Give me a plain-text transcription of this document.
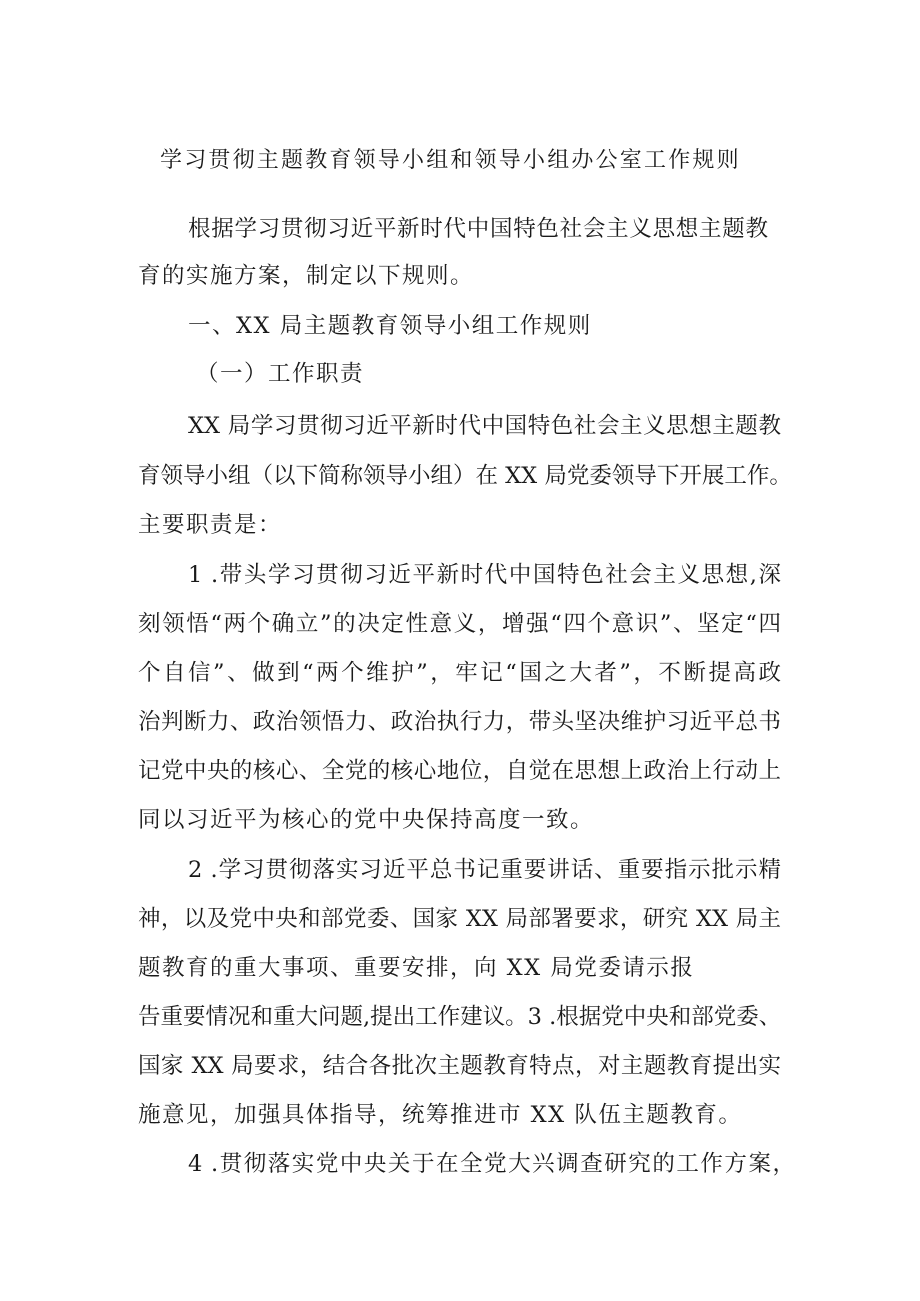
学习贯彻主题教育领导小组和领导小组办公室工作规则
根据学习贯彻习近平新时代中国特色社会主义思想主题教
育的实施方案，制定以下规则。
一、XX 局主题教育领导小组工作规则
（一）工作职责
XX 局学习贯彻习近平新时代中国特色社会主义思想主题教
育领导小组（以下简称领导小组）在 XX 局党委领导下开展工作。
主要职责是：
1 .带头学习贯彻习近平新时代中国特色社会主义思想,深
刻领悟“两个确立”的决定性意义，增强“四个意识”、坚定“四
个自信”、做到“两个维护”，牢记“国之大者”，不断提高政
治判断力、政治领悟力、政治执行力，带头坚决维护习近平总书
记党中央的核心、全党的核心地位，自觉在思想上政治上行动上
同以习近平为核心的党中央保持高度一致。
2 .学习贯彻落实习近平总书记重要讲话、重要指示批示精
神，以及党中央和部党委、国家 XX 局部署要求，研究 XX 局主
题教育的重大事项、重要安排，向 XX 局党委请示报
告重要情况和重大问题,提出工作建议。3 .根据党中央和部党委、
国家 XX 局要求，结合各批次主题教育特点，对主题教育提出实
施意见，加强具体指导，统筹推进市 XX 队伍主题教育。
4 .贯彻落实党中央关于在全党大兴调查研究的工作方案，
